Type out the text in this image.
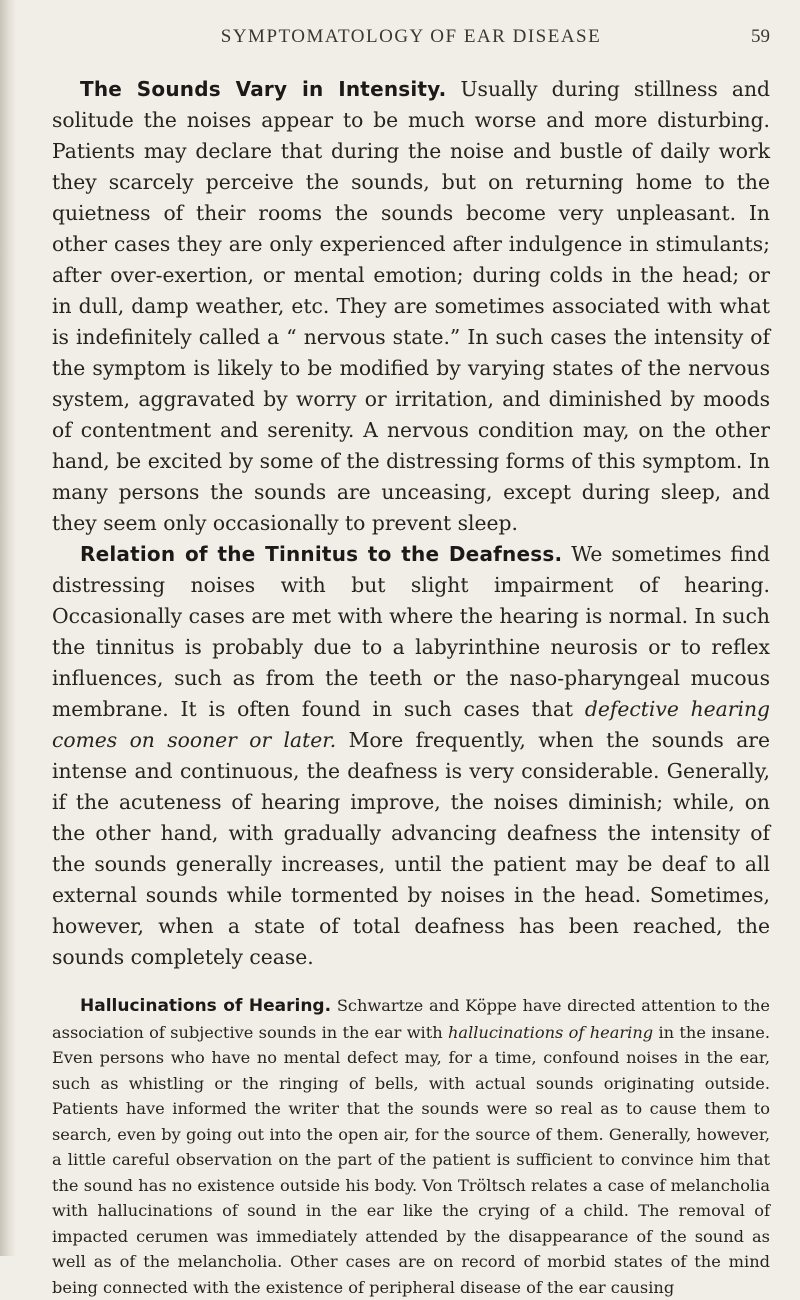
SYMPTOMATOLOGY OF EAR DISEASE	59

The Sounds Vary in Intensity. Usually during stillness and solitude the noises appear to be much worse and more disturbing. Patients may declare that during the noise and bustle of daily work they scarcely perceive the sounds, but on returning home to the quietness of their rooms the sounds become very unpleasant. In other cases they are only experienced after indulgence in stimulants; after over-exertion, or mental emotion; during colds in the head; or in dull, damp weather, etc. They are sometimes associated with what is indefinitely called a “ nervous state.” In such cases the intensity of the symptom is likely to be modified by varying states of the nervous system, aggravated by worry or irritation, and diminished by moods of contentment and serenity. A nervous condition may, on the other hand, be excited by some of the distressing forms of this symptom. In many persons the sounds are unceasing, except during sleep, and they seem only occasionally to prevent sleep.

Relation of the Tinnitus to the Deafness. We sometimes find distressing noises with but slight impairment of hearing. Occasionally cases are met with where the hearing is normal. In such the tinnitus is probably due to a labyrinthine neurosis or to reflex influences, such as from the teeth or the naso-pharyngeal mucous membrane. It is often found in such cases that defective hearing comes on sooner or later. More frequently, when the sounds are intense and continuous, the deafness is very considerable. Generally, if the acuteness of hearing improve, the noises diminish; while, on the other hand, with gradually advancing deafness the intensity of the sounds generally increases, until the patient may be deaf to all external sounds while tormented by noises in the head. Sometimes, however, when a state of total deafness has been reached, the sounds completely cease.

Hallucinations of Hearing. Schwartze and Köppe have directed attention to the association of subjective sounds in the ear with hallucinations of hearing in the insane. Even persons who have no mental defect may, for a time, confound noises in the ear, such as whistling or the ringing of bells, with actual sounds originating outside. Patients have informed the writer that the sounds were so real as to cause them to search, even by going out into the open air, for the source of them. Generally, however, a little careful observation on the part of the patient is sufficient to convince him that the sound has no existence outside his body. Von Tröltsch relates a case of melancholia with hallucinations of sound in the ear like the crying of a child. The removal of impacted cerumen was immediately attended by the disappearance of the sound as well as of the melancholia. Other cases are on record of morbid states of the mind being connected with the existence of peripheral disease of the ear causing
